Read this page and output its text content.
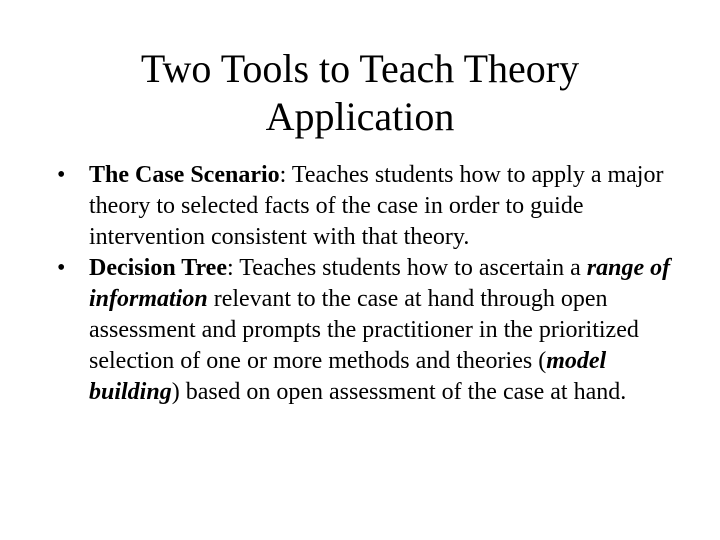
Two Tools to Teach Theory
Application
• The Case Scenario: Teaches students how to apply a major theory to selected facts of the case in order to guide intervention consistent with that theory.
• Decision Tree: Teaches students how to ascertain a range of information relevant to the case at hand through open assessment and prompts the practitioner in the prioritized selection of one or more methods and theories (model building) based on open assessment of the case at hand.
